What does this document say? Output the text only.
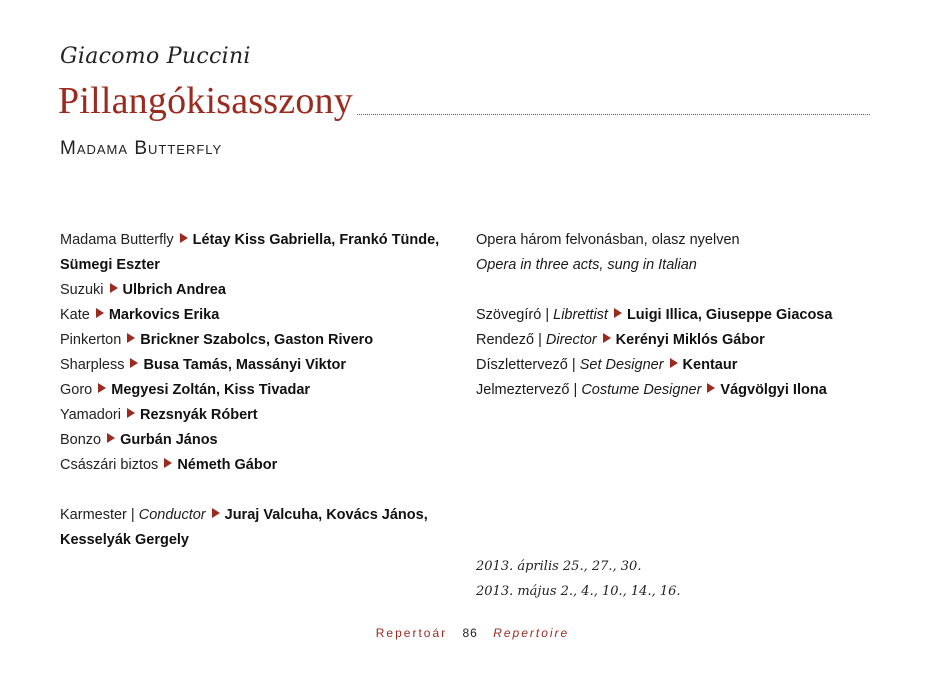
Giacomo Puccini
Pillangókisasszony
Madama Butterfly
Madama Butterfly Létay Kiss Gabriella, Frankó Tünde, Sümegi Eszter
Suzuki Ulbrich Andrea
Kate Markovics Erika
Pinkerton Brickner Szabolcs, Gaston Rivero
Sharpless Busa Tamás, Massányi Viktor
Goro Megyesi Zoltán, Kiss Tivadar
Yamadori Rezsnyák Róbert
Bonzo Gurbán János
Császári biztos Németh Gábor
Karmester | Conductor Juraj Valcuha, Kovács János, Kesselyák Gergely
Opera három felvonásban, olasz nyelven
Opera in three acts, sung in Italian
Szövegíró | Librettist Luigi Illica, Giuseppe Giacosa
Rendező | Director Kerényi Miklós Gábor
Díszlettervező | Set Designer Kentaur
Jelmeztervező | Costume Designer Vágvölgyi Ilona
2013. április 25., 27., 30.
2013. május 2., 4., 10., 14., 16.
Repertoár 86 Repertoire
